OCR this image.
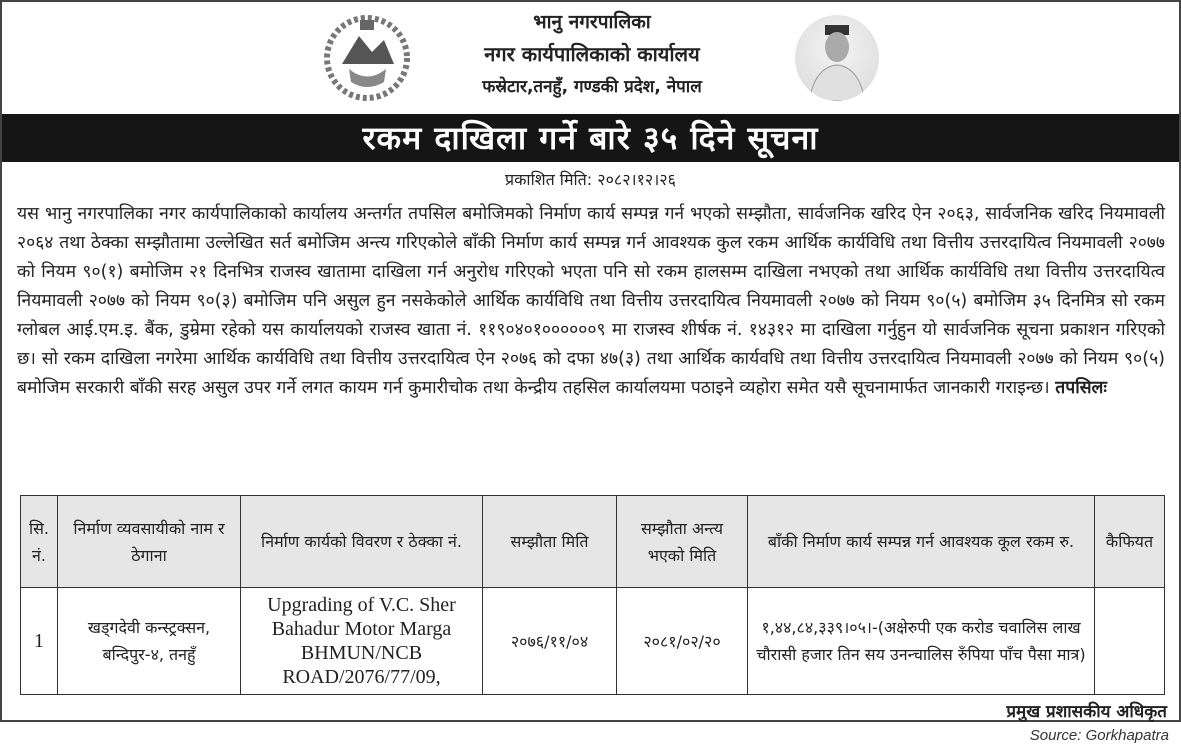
भानु नगरपालिका
नगर कार्यपालिकाको कार्यालय
फस्रेटार,तनहुँ, गण्डकी प्रदेश, नेपाल
रकम दाखिला गर्ने बारे ३५ दिने सूचना
प्रकाशित मिति: २०८२।१२।२६

यस भानु नगरपालिका नगर कार्यपालिकाको कार्यालय अन्तर्गत तपसिल बमोजिमको निर्माण कार्य सम्पन्न गर्न भएको सम्झौता, सार्वजनिक खरिद ऐन २०६३, सार्वजनिक खरिद नियमावली २०६४ तथा ठेक्का सम्झौतामा उल्लेखित सर्त बमोजिम अन्त्य गरिएकोले बाँकी निर्माण कार्य सम्पन्न गर्न आवश्यक कुल रकम आर्थिक कार्यविधि तथा वित्तीय उत्तरदायित्व नियमावली २०७७ को नियम ९०(१) बमोजिम २१ दिनभित्र राजस्व खातामा दाखिला गर्न अनुरोध गरिएको भएता पनि सो रकम हालसम्म दाखिला नभएको तथा आर्थिक कार्यविधि तथा वित्तीय उत्तरदायित्व नियमावली २०७७ को नियम ९०(३) बमोजिम पनि असुल हुन नसकेकोले आर्थिक कार्यविधि तथा वित्तीय उत्तरदायित्व नियमावली २०७७ को नियम ९०(५) बमोजिम ३५ दिनमित्र सो रकम ग्लोबल आई.एम.इ. बैंक, डुम्रेमा रहेको यस कार्यालयको राजस्व खाता नं. ११९०४०१००००००९ मा राजस्व शीर्षक नं. १४३१२ मा दाखिला गर्नुहुन यो सार्वजनिक सूचना प्रकाशन गरिएको छ। सो रकम दाखिला नगरेमा आर्थिक कार्यविधि तथा वित्तीय उत्तरदायित्व ऐन २०७६ को दफा ४७(३) तथा आर्थिक कार्यवधि तथा वित्तीय उत्तरदायित्व नियमावली २०७७ को नियम ९०(५) बमोजिम सरकारी बाँकी सरह असुल उपर गर्ने लगत कायम गर्न कुमारीचोक तथा केन्द्रीय तहसिल कार्यालयमा पठाइने व्यहोरा समेत यसै सूचनामार्फत जानकारी गराइन्छ। तपसिलः

सि. नं.	निर्माण व्यवसायीको नाम र ठेगाना	निर्माण कार्यको विवरण र ठेक्का नं.	सम्झौता मिति	सम्झौता अन्त्य भएको मिति	बाँकी निर्माण कार्य सम्पन्न गर्न आवश्यक कूल रकम रु.	कैफियत
1	खड्गदेवी कन्स्ट्रक्सन, बन्दिपुर-४, तनहुँ	Upgrading of V.C. Sher Bahadur Motor Marga BHMUN/NCB ROAD/2076/77/09,	२०७६/११/०४	२०८१/०२/२०	१,४४,८४,३३९।०५।-(अक्षेरुपी एक करोड चवालिस लाख चौरासी हजार तिन सय उनन्चालिस रुँपिया पाँच पैसा मात्र)	
प्रमुख प्रशासकीय अधिकृत
Source: Gorkhapatra
